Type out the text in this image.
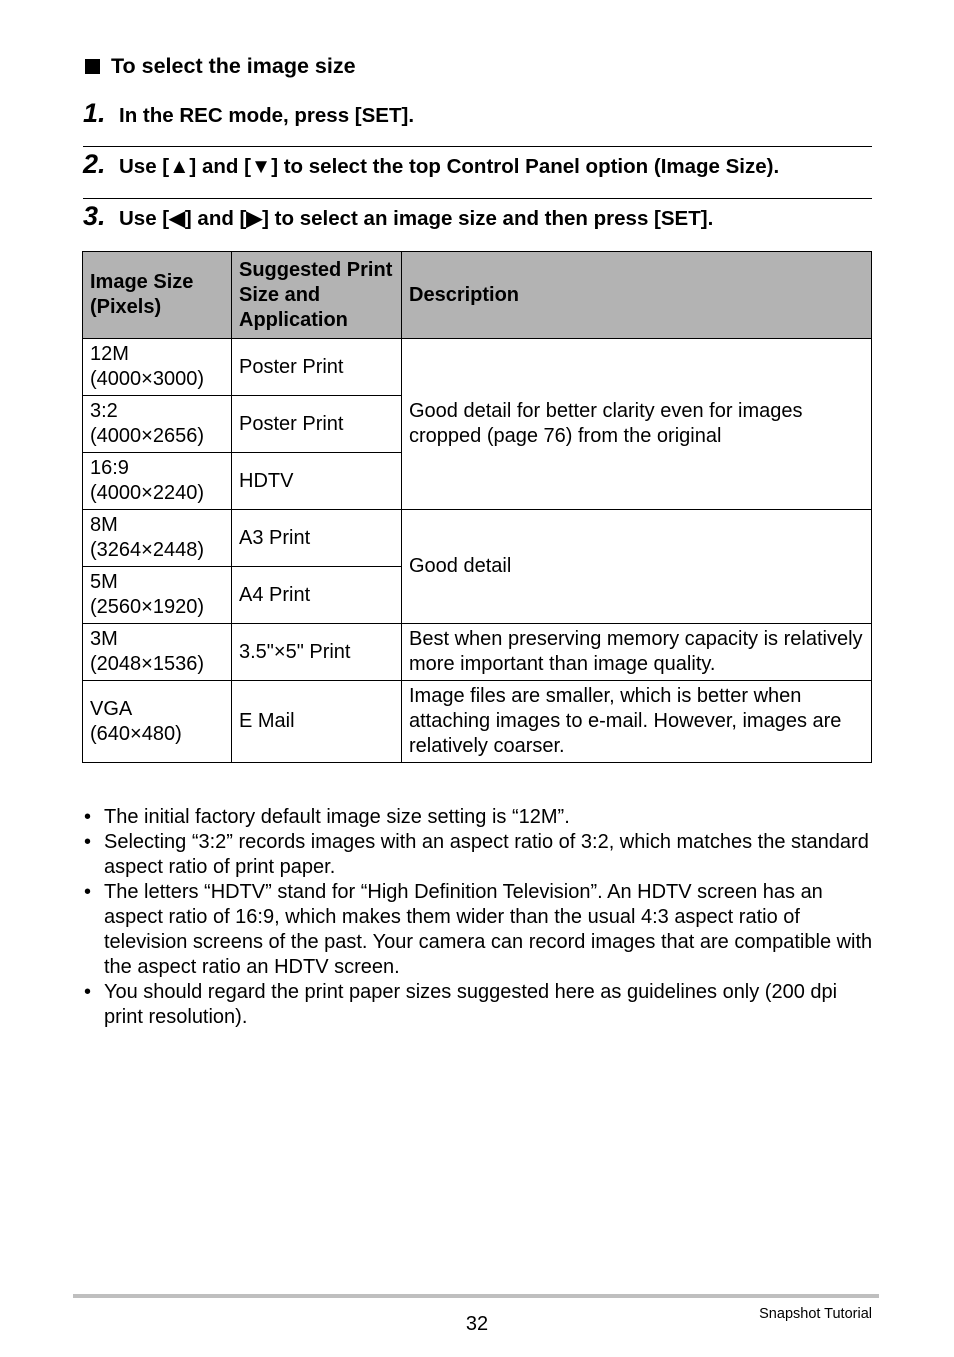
To select the image size
1. In the REC mode, press [SET].
2. Use [▲] and [▼] to select the top Control Panel option (Image Size).
3. Use [◀] and [▶] to select an image size and then press [SET].
Image Size (Pixels)	Suggested Print Size and Application	Description
12M
(4000×3000)	Poster Print	Good detail for better clarity even for images cropped (page 76) from the original
3:2
(4000×2656)	Poster Print	
16:9
(4000×2240)	HDTV	
8M
(3264×2448)	A3 Print	Good detail
5M
(2560×1920)	A4 Print	
3M
(2048×1536)	3.5"×5" Print	Best when preserving memory capacity is relatively more important than image quality.
VGA
(640×480)	E Mail	Image files are smaller, which is better when attaching images to e-mail. However, images are relatively coarser.
• The initial factory default image size setting is “12M”.
• Selecting “3:2” records images with an aspect ratio of 3:2, which matches the standard aspect ratio of print paper.
• The letters “HDTV” stand for “High Definition Television”. An HDTV screen has an aspect ratio of 16:9, which makes them wider than the usual 4:3 aspect ratio of television screens of the past. Your camera can record images that are compatible with the aspect ratio an HDTV screen.
• You should regard the print paper sizes suggested here as guidelines only (200 dpi print resolution).
32	Snapshot Tutorial
